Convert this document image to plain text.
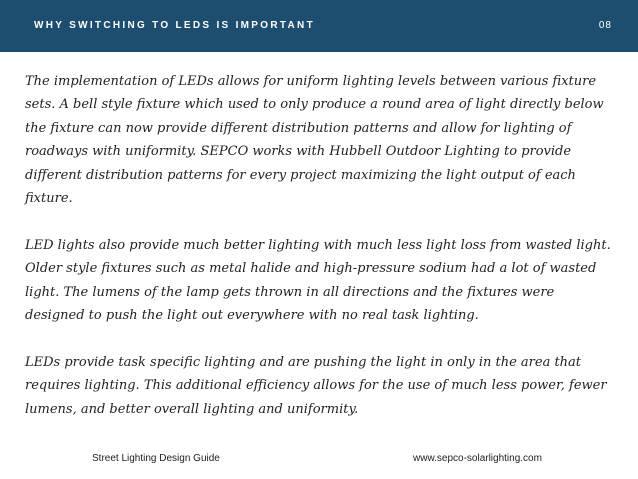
WHY SWITCHING TO LEDS IS IMPORTANT	08

The implementation of LEDs allows for uniform lighting levels between various fixture sets. A bell style fixture which used to only produce a round area of light directly below the fixture can now provide different distribution patterns and allow for lighting of roadways with uniformity. SEPCO works with Hubbell Outdoor Lighting to provide different distribution patterns for every project maximizing the light output of each fixture.

LED lights also provide much better lighting with much less light loss from wasted light. Older style fixtures such as metal halide and high-pressure sodium had a lot of wasted light. The lumens of the lamp gets thrown in all directions and the fixtures were designed to push the light out everywhere with no real task lighting.

LEDs provide task specific lighting and are pushing the light in only in the area that requires lighting. This additional efficiency allows for the use of much less power, fewer lumens, and better overall lighting and uniformity.

Street Lighting Design Guide	www.sepco-solarlighting.com
